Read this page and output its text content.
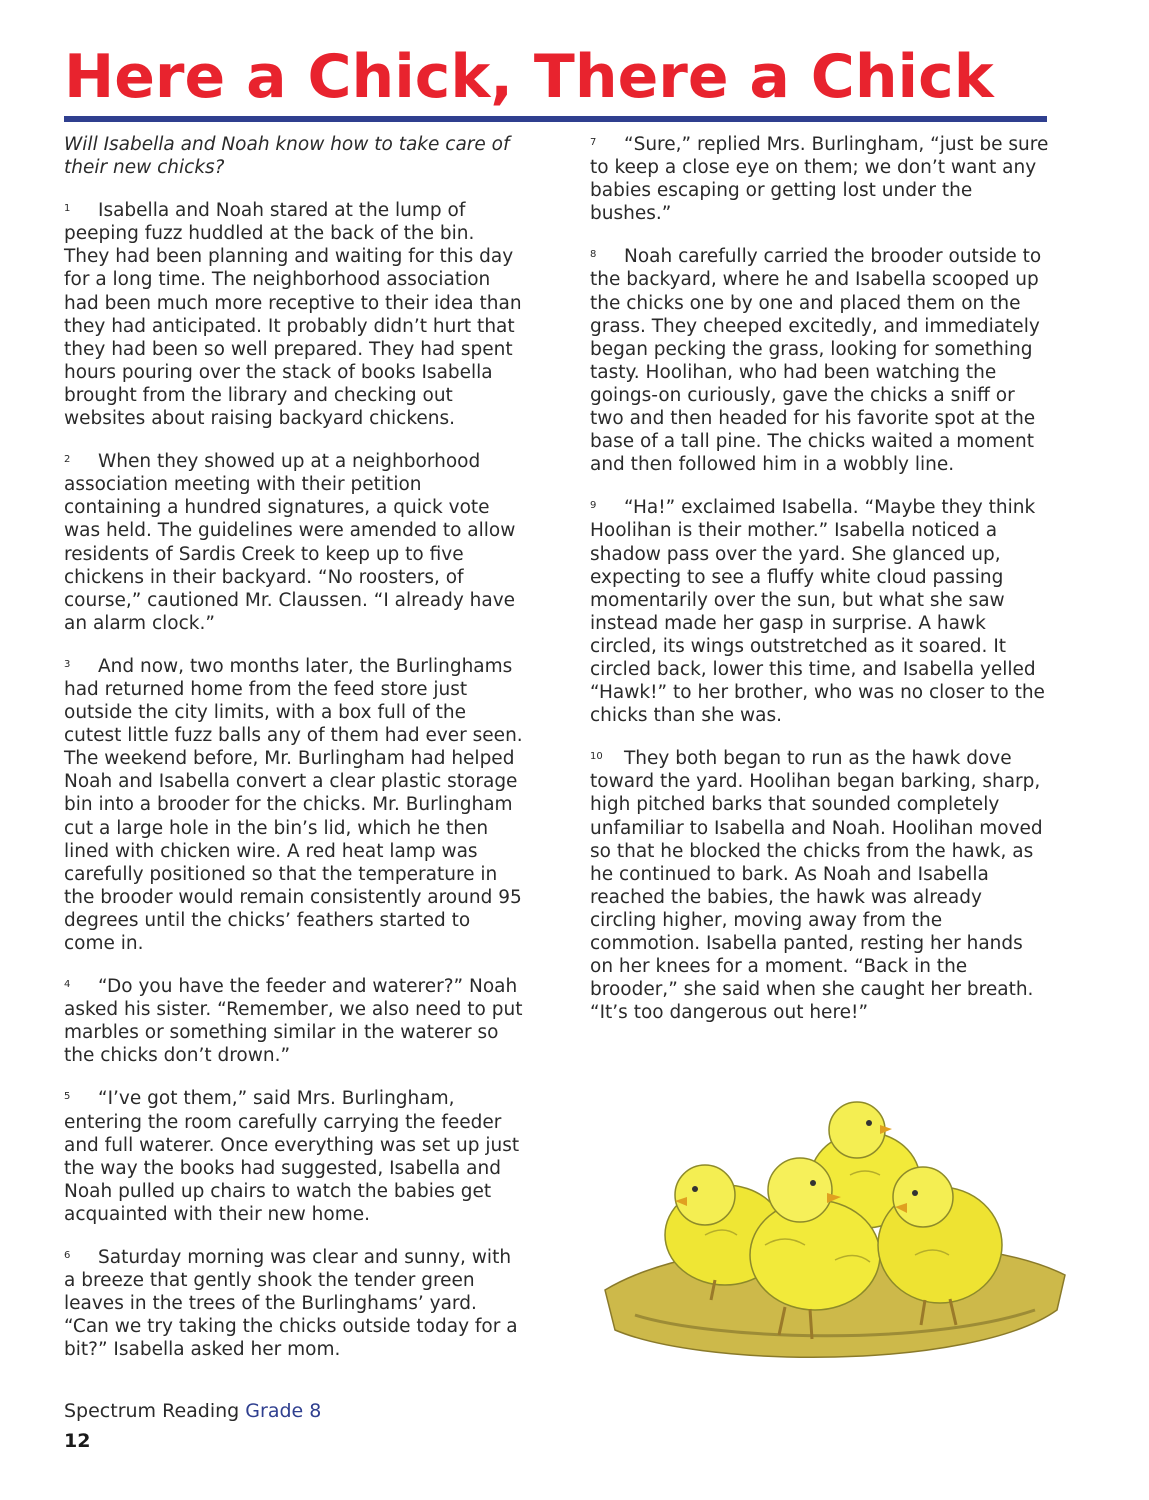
Here a Chick, There a Chick

Will Isabella and Noah know how to take care of their new chicks?

1 Isabella and Noah stared at the lump of peeping fuzz huddled at the back of the bin. They had been planning and waiting for this day for a long time. The neighborhood association had been much more receptive to their idea than they had anticipated. It probably didn’t hurt that they had been so well prepared. They had spent hours pouring over the stack of books Isabella brought from the library and checking out websites about raising backyard chickens.

2 When they showed up at a neighborhood association meeting with their petition containing a hundred signatures, a quick vote was held. The guidelines were amended to allow residents of Sardis Creek to keep up to five chickens in their backyard. “No roosters, of course,” cautioned Mr. Claussen. “I already have an alarm clock.”

3 And now, two months later, the Burlinghams had returned home from the feed store just outside the city limits, with a box full of the cutest little fuzz balls any of them had ever seen. The weekend before, Mr. Burlingham had helped Noah and Isabella convert a clear plastic storage bin into a brooder for the chicks. Mr. Burlingham cut a large hole in the bin’s lid, which he then lined with chicken wire. A red heat lamp was carefully positioned so that the temperature in the brooder would remain consistently around 95 degrees until the chicks’ feathers started to come in.

4 “Do you have the feeder and waterer?” Noah asked his sister. “Remember, we also need to put marbles or something similar in the waterer so the chicks don’t drown.”

5 “I’ve got them,” said Mrs. Burlingham, entering the room carefully carrying the feeder and full waterer. Once everything was set up just the way the books had suggested, Isabella and Noah pulled up chairs to watch the babies get acquainted with their new home.

6 Saturday morning was clear and sunny, with a breeze that gently shook the tender green leaves in the trees of the Burlinghams’ yard. “Can we try taking the chicks outside today for a bit?” Isabella asked her mom.

7 “Sure,” replied Mrs. Burlingham, “just be sure to keep a close eye on them; we don’t want any babies escaping or getting lost under the bushes.”

8 Noah carefully carried the brooder outside to the backyard, where he and Isabella scooped up the chicks one by one and placed them on the grass. They cheeped excitedly, and immediately began pecking the grass, looking for something tasty. Hoolihan, who had been watching the goings-on curiously, gave the chicks a sniff or two and then headed for his favorite spot at the base of a tall pine. The chicks waited a moment and then followed him in a wobbly line.

9 “Ha!” exclaimed Isabella. “Maybe they think Hoolihan is their mother.” Isabella noticed a shadow pass over the yard. She glanced up, expecting to see a fluffy white cloud passing momentarily over the sun, but what she saw instead made her gasp in surprise. A hawk circled, its wings outstretched as it soared. It circled back, lower this time, and Isabella yelled “Hawk!” to her brother, who was no closer to the chicks than she was.

10 They both began to run as the hawk dove toward the yard. Hoolihan began barking, sharp, high pitched barks that sounded completely unfamiliar to Isabella and Noah. Hoolihan moved so that he blocked the chicks from the hawk, as he continued to bark. As Noah and Isabella reached the babies, the hawk was already circling higher, moving away from the commotion. Isabella panted, resting her hands on her knees for a moment. “Back in the brooder,” she said when she caught her breath. “It’s too dangerous out here!”

Spectrum Reading Grade 8
12
